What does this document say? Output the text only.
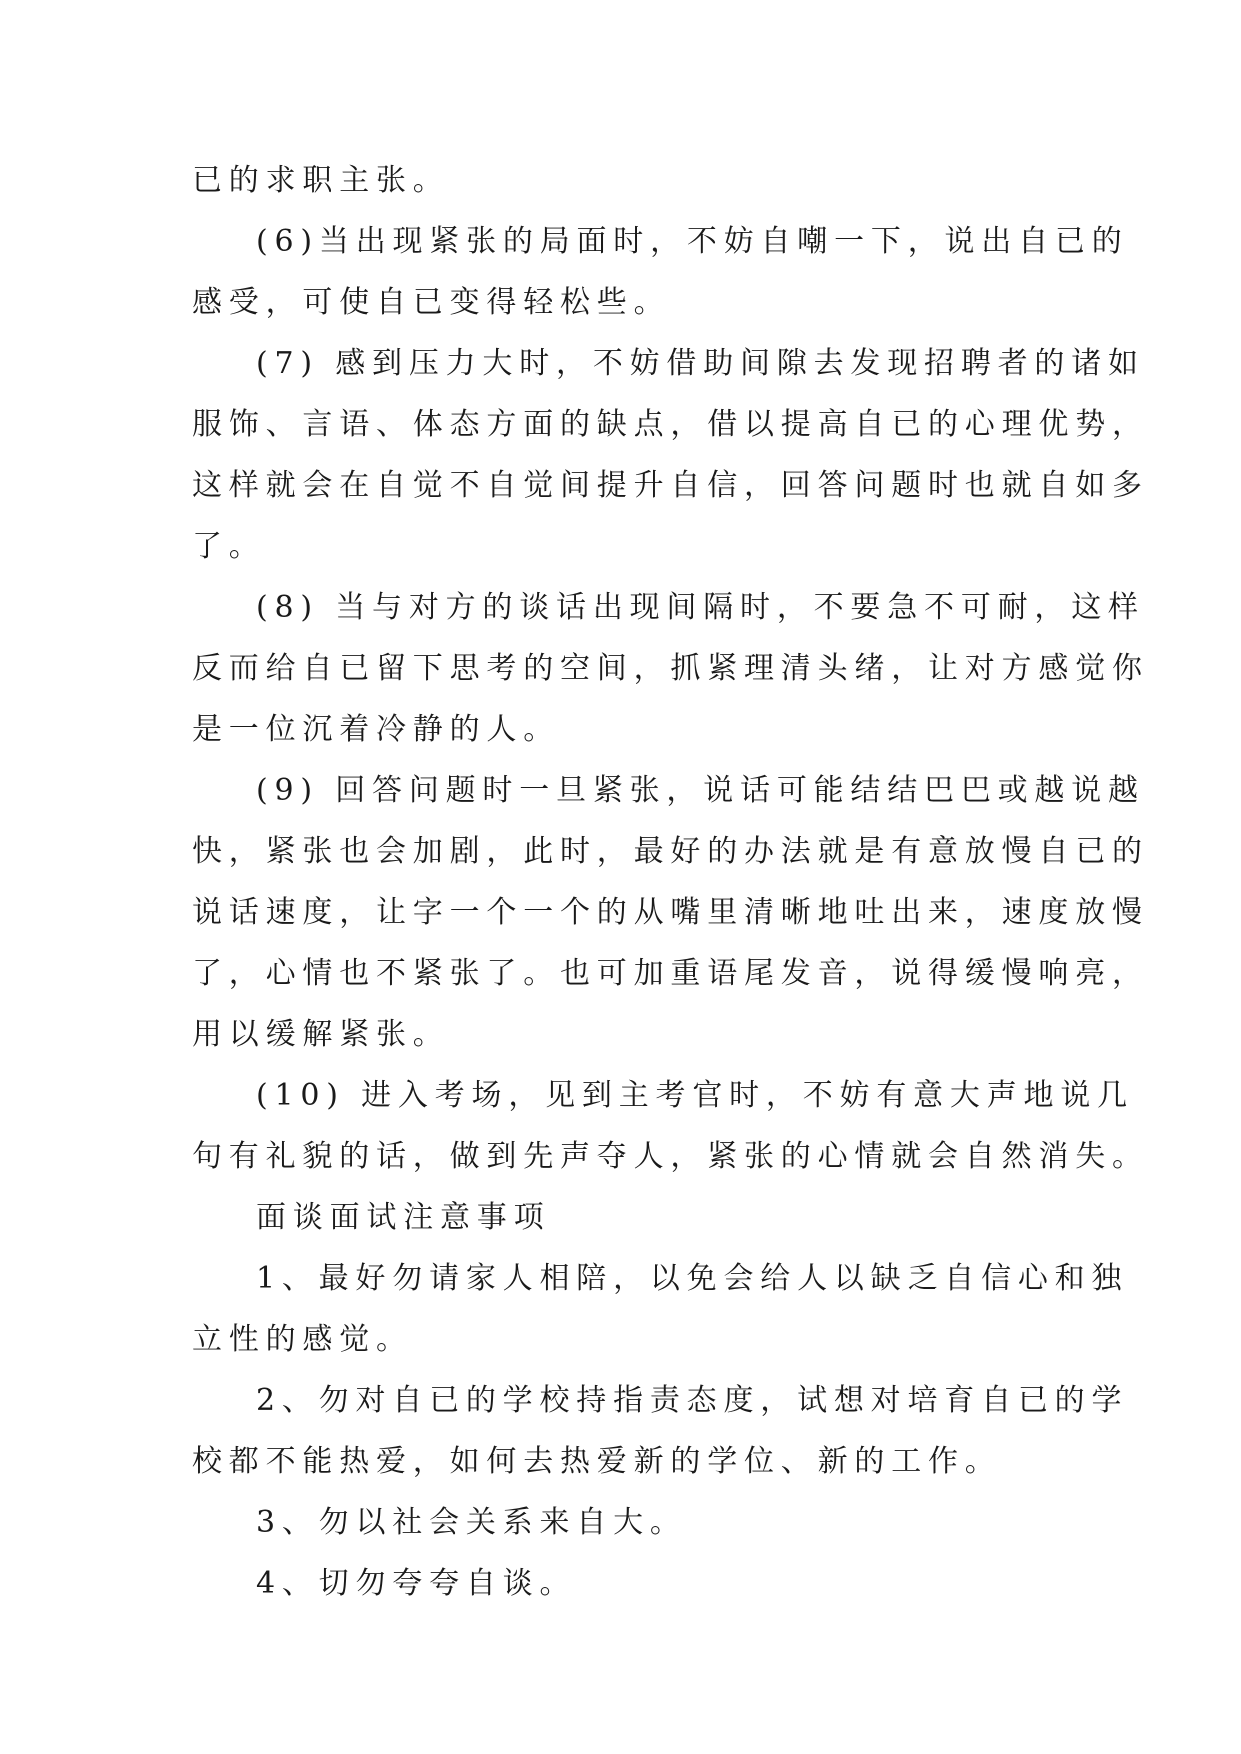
已的求职主张。
(6)当出现紧张的局面时，不妨自嘲一下，说出自已的
感受，可使自已变得轻松些。
(7) 感到压力大时，不妨借助间隙去发现招聘者的诸如
服饰、言语、体态方面的缺点，借以提高自已的心理优势，
这样就会在自觉不自觉间提升自信，回答问题时也就自如多
了。
(8) 当与对方的谈话出现间隔时，不要急不可耐，这样
反而给自已留下思考的空间，抓紧理清头绪，让对方感觉你
是一位沉着冷静的人。
(9) 回答问题时一旦紧张，说话可能结结巴巴或越说越
快，紧张也会加剧，此时，最好的办法就是有意放慢自已的
说话速度，让字一个一个的从嘴里清晰地吐出来，速度放慢
了，心情也不紧张了。也可加重语尾发音，说得缓慢响亮，
用以缓解紧张。
(10) 进入考场，见到主考官时，不妨有意大声地说几
句有礼貌的话，做到先声夺人，紧张的心情就会自然消失。
面谈面试注意事项
1、最好勿请家人相陪，以免会给人以缺乏自信心和独
立性的感觉。
2、勿对自已的学校持指责态度，试想对培育自已的学
校都不能热爱，如何去热爱新的学位、新的工作。
3、勿以社会关系来自大。
4、切勿夸夸自谈。
